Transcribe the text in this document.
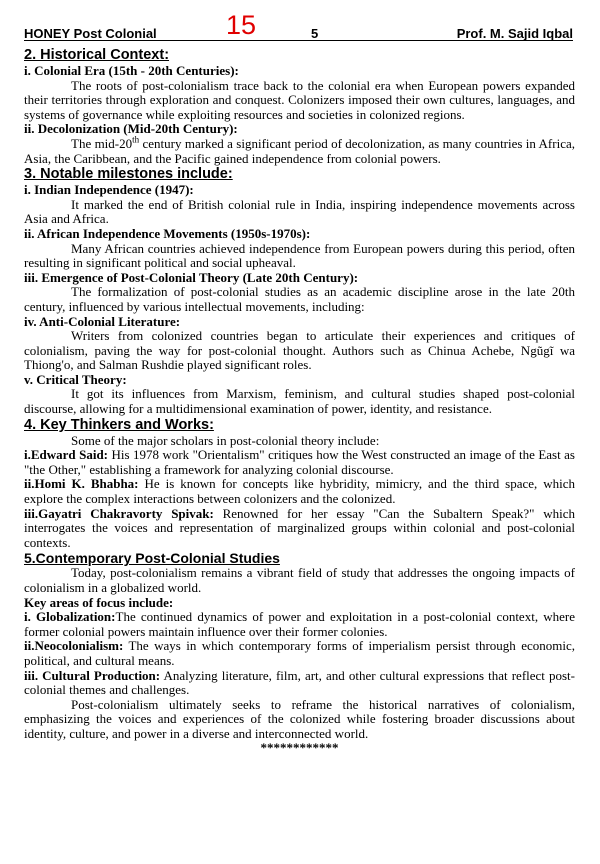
HONEY Post Colonial	15	5	Prof. M. Sajid Iqbal
2. Historical Context:
i. Colonial Era (15th - 20th Centuries):

The roots of post-colonialism trace back to the colonial era when European powers expanded their territories through exploration and conquest. Colonizers imposed their own cultures, languages, and systems of governance while exploiting resources and societies in colonized regions.

ii. Decolonization (Mid-20th Century):

The mid-20th century marked a significant period of decolonization, as many countries in Africa, Asia, the Caribbean, and the Pacific gained independence from colonial powers.

3. Notable milestones include:
i. Indian Independence (1947):

It marked the end of British colonial rule in India, inspiring independence movements across Asia and Africa.

ii. African Independence Movements (1950s-1970s):

Many African countries achieved independence from European powers during this period, often resulting in significant political and social upheaval.

iii. Emergence of Post-Colonial Theory (Late 20th Century):

The formalization of post-colonial studies as an academic discipline arose in the late 20th century, influenced by various intellectual movements, including:

iv. Anti-Colonial Literature:

Writers from colonized countries began to articulate their experiences and critiques of colonialism, paving the way for post-colonial thought. Authors such as Chinua Achebe, Ngũgĩ wa Thiong'o, and Salman Rushdie played significant roles.

v. Critical Theory:

It got its influences from Marxism, feminism, and cultural studies shaped post-colonial discourse, allowing for a multidimensional examination of power, identity, and resistance.

4. Key Thinkers and Works:

Some of the major scholars in post-colonial theory include:

i.Edward Said: His 1978 work "Orientalism" critiques how the West constructed an image of the East as "the Other," establishing a framework for analyzing colonial discourse.

ii.Homi K. Bhabha: He is known for concepts like hybridity, mimicry, and the third space, which explore the complex interactions between colonizers and the colonized.

iii.Gayatri Chakravorty Spivak: Renowned for her essay "Can the Subaltern Speak?" which interrogates the voices and representation of marginalized groups within colonial and post-colonial contexts.

5.Contemporary Post-Colonial Studies

Today, post-colonialism remains a vibrant field of study that addresses the ongoing impacts of colonialism in a globalized world.

Key areas of focus include:

i. Globalization:The continued dynamics of power and exploitation in a post-colonial context, where former colonial powers maintain influence over their former colonies.

ii.Neocolonialism: The ways in which contemporary forms of imperialism persist through economic, political, and cultural means.

iii. Cultural Production: Analyzing literature, film, art, and other cultural expressions that reflect post-colonial themes and challenges.

Post-colonialism ultimately seeks to reframe the historical narratives of colonialism, emphasizing the voices and experiences of the colonized while fostering broader discussions about identity, culture, and power in a diverse and interconnected world.

************
